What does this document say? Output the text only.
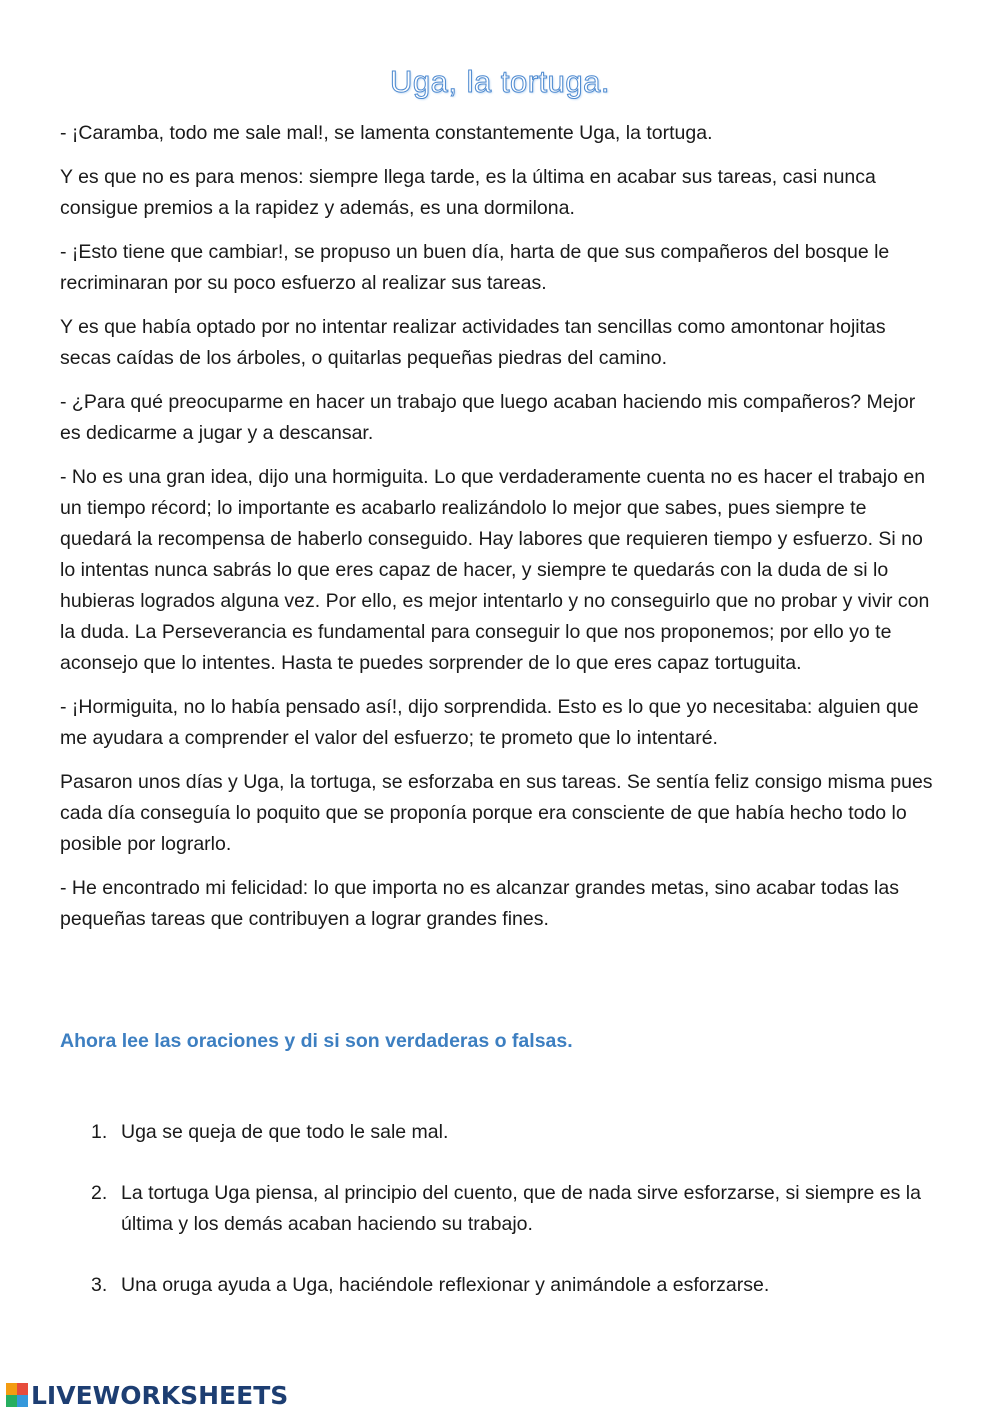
Uga, la tortuga.

- ¡Caramba, todo me sale mal!, se lamenta constantemente Uga, la tortuga.

Y es que no es para menos: siempre llega tarde, es la última en acabar sus tareas, casi nunca consigue premios a la rapidez y además, es una dormilona.

- ¡Esto tiene que cambiar!, se propuso un buen día, harta de que sus compañeros del bosque le recriminaran por su poco esfuerzo al realizar sus tareas.

Y es que había optado por no intentar realizar actividades tan sencillas como amontonar hojitas secas caídas de los árboles, o quitarlas pequeñas piedras del camino.

- ¿Para qué preocuparme en hacer un trabajo que luego acaban haciendo mis compañeros? Mejor es dedicarme a jugar y a descansar.

- No es una gran idea, dijo una hormiguita. Lo que verdaderamente cuenta no es hacer el trabajo en un tiempo récord; lo importante es acabarlo realizándolo lo mejor que sabes, pues siempre te quedará la recompensa de haberlo conseguido. Hay labores que requieren tiempo y esfuerzo. Si no lo intentas nunca sabrás lo que eres capaz de hacer, y siempre te quedarás con la duda de si lo hubieras logrados alguna vez. Por ello, es mejor intentarlo y no conseguirlo que no probar y vivir con la duda. La Perseverancia es fundamental para conseguir lo que nos proponemos; por ello yo te aconsejo que lo intentes. Hasta te puedes sorprender de lo que eres capaz tortuguita.

- ¡Hormiguita, no lo había pensado así!, dijo sorprendida. Esto es lo que yo necesitaba: alguien que me ayudara a comprender el valor del esfuerzo; te prometo que lo intentaré.

Pasaron unos días y Uga, la tortuga, se esforzaba en sus tareas. Se sentía feliz consigo misma pues cada día conseguía lo poquito que se proponía porque era consciente de que había hecho todo lo posible por lograrlo.

- He encontrado mi felicidad: lo que importa no es alcanzar grandes metas, sino acabar todas las pequeñas tareas que contribuyen a lograr grandes fines.

Ahora lee las oraciones y di si son verdaderas o falsas.
1. Uga se queja de que todo le sale mal.
2. La tortuga Uga piensa, al principio del cuento, que de nada sirve esforzarse, si siempre es la última y los demás acaban haciendo su trabajo.
3. Una oruga ayuda a Uga, haciéndole reflexionar y animándole a esforzarse.
LIVEWORKSHEETS
